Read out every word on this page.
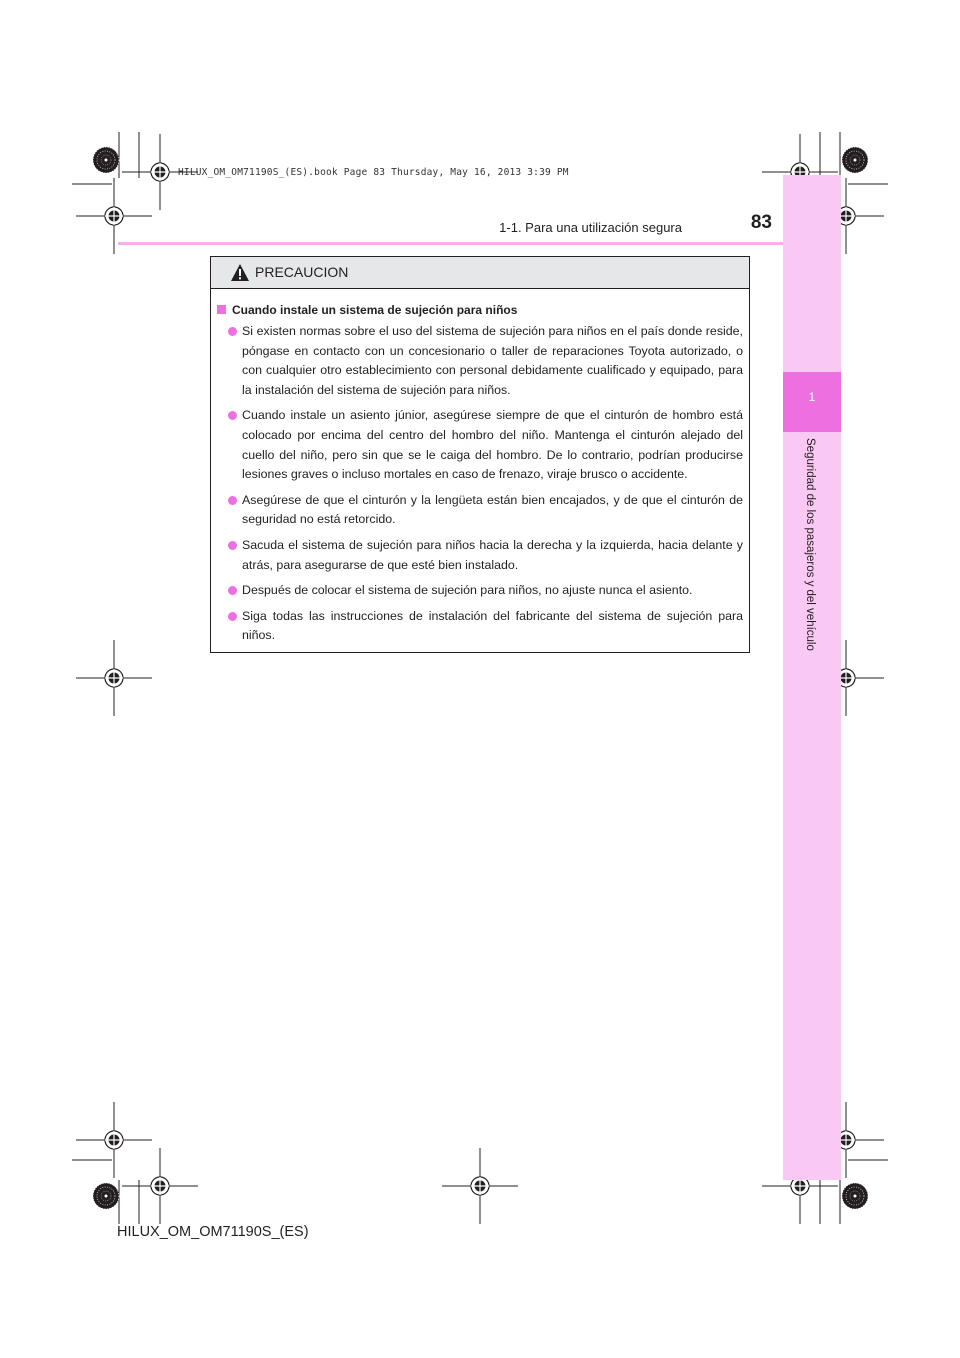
HILUX_OM_OM71190S_(ES).book Page 83 Thursday, May 16, 2013 3:39 PM
1
Seguridad de los pasajeros y del vehículo
1-1. Para una utilización segura	83
PRECAUCION
Cuando instale un sistema de sujeción para niños
Si existen normas sobre el uso del sistema de sujeción para niños en el país donde reside, póngase en contacto con un concesionario o taller de reparaciones Toyota autorizado, o con cualquier otro establecimiento con personal debidamente cualificado y equipado, para la instalación del sistema de sujeción para niños.
Cuando instale un asiento júnior, asegúrese siempre de que el cinturón de hombro está colocado por encima del centro del hombro del niño. Mantenga el cinturón alejado del cuello del niño, pero sin que se le caiga del hombro. De lo contrario, podrían producirse lesiones graves o incluso mortales en caso de frenazo, viraje brusco o accidente.
Asegúrese de que el cinturón y la lengüeta están bien encajados, y de que el cinturón de seguridad no está retorcido.
Sacuda el sistema de sujeción para niños hacia la derecha y la izquierda, hacia delante y atrás, para asegurarse de que esté bien instalado.
Después de colocar el sistema de sujeción para niños, no ajuste nunca el asiento.
Siga todas las instrucciones de instalación del fabricante del sistema de sujeción para niños.
HILUX_OM_OM71190S_(ES)
